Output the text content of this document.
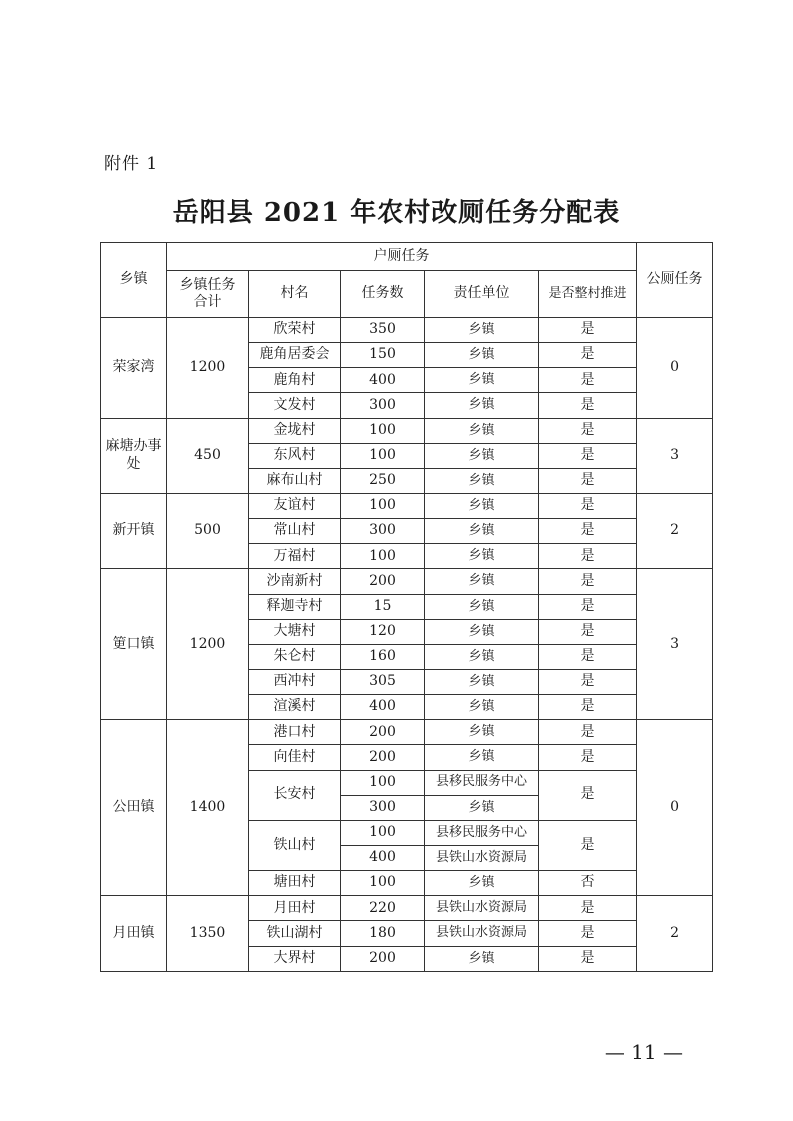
附件 1
岳阳县 2021 年农村改厕任务分配表
乡镇	户厕任务					公厕任务
	乡镇任务合计	村名	任务数	责任单位	是否整村推进	
荣家湾	1200	欣荣村	350	乡镇	是	0
		鹿角居委会	150	乡镇	是	
		鹿角村	400	乡镇	是	
		文发村	300	乡镇	是	
麻塘办事处	450	金垅村	100	乡镇	是	3
		东风村	100	乡镇	是	
		麻布山村	250	乡镇	是	
新开镇	500	友谊村	100	乡镇	是	2
		常山村	300	乡镇	是	
		万福村	100	乡镇	是	
筻口镇	1200	沙南新村	200	乡镇	是	3
		释迦寺村	15	乡镇	是	
		大塘村	120	乡镇	是	
		朱仑村	160	乡镇	是	
		西冲村	305	乡镇	是	
		渲溪村	400	乡镇	是	
公田镇	1400	港口村	200	乡镇	是	0
		向佳村	200	乡镇	是	
		长安村	100	县移民服务中心	是	
			300	乡镇		
		铁山村	100	县移民服务中心	是	
			400	县铁山水资源局		
		塘田村	100	乡镇	否	
月田镇	1350	月田村	220	县铁山水资源局	是	2
		铁山湖村	180	县铁山水资源局	是	
		大界村	200	乡镇	是	
— 11 —
